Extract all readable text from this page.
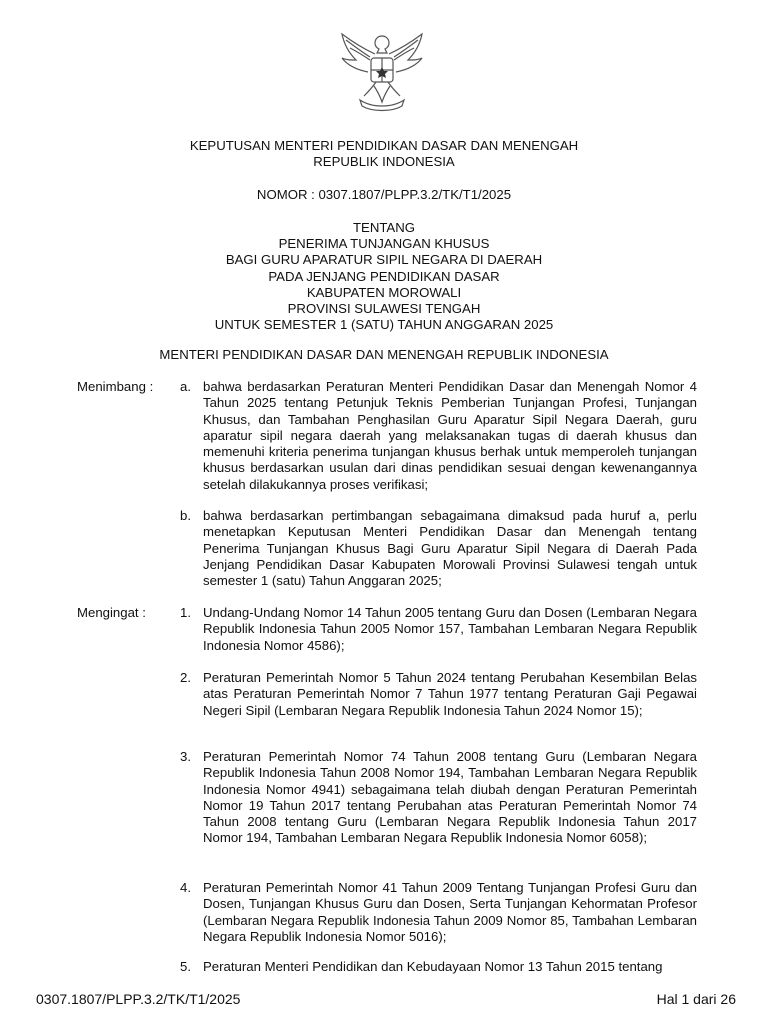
KEPUTUSAN MENTERI PENDIDIKAN DASAR DAN MENENGAH
REPUBLIK INDONESIA
NOMOR : 0307.1807/PLPP.3.2/TK/T1/2025
TENTANG
PENERIMA TUNJANGAN KHUSUS
BAGI GURU APARATUR SIPIL NEGARA DI DAERAH
PADA JENJANG PENDIDIKAN DASAR
KABUPATEN MOROWALI
PROVINSI SULAWESI TENGAH
UNTUK SEMESTER 1 (SATU) TAHUN ANGGARAN 2025
MENTERI PENDIDIKAN DASAR DAN MENENGAH REPUBLIK INDONESIA
Menimbang : a. bahwa berdasarkan Peraturan Menteri Pendidikan Dasar dan Menengah Nomor 4 Tahun 2025 tentang Petunjuk Teknis Pemberian Tunjangan Profesi, Tunjangan Khusus, dan Tambahan Penghasilan Guru Aparatur Sipil Negara Daerah, guru aparatur sipil negara daerah yang melaksanakan tugas di daerah khusus dan memenuhi kriteria penerima tunjangan khusus berhak untuk memperoleh tunjangan khusus berdasarkan usulan dari dinas pendidikan sesuai dengan kewenangannya setelah dilakukannya proses verifikasi;
b. bahwa berdasarkan pertimbangan sebagaimana dimaksud pada huruf a, perlu menetapkan Keputusan Menteri Pendidikan Dasar dan Menengah tentang Penerima Tunjangan Khusus Bagi Guru Aparatur Sipil Negara di Daerah Pada Jenjang Pendidikan Dasar Kabupaten Morowali Provinsi Sulawesi tengah untuk semester 1 (satu) Tahun Anggaran 2025;
Mengingat :	1. Undang-Undang Nomor 14 Tahun 2005 tentang Guru dan Dosen (Lembaran Negara Republik Indonesia Tahun 2005 Nomor 157, Tambahan Lembaran Negara Republik Indonesia Nomor 4586);
2. Peraturan Pemerintah Nomor 5 Tahun 2024 tentang Perubahan Kesembilan Belas atas Peraturan Pemerintah Nomor 7 Tahun 1977 tentang Peraturan Gaji Pegawai Negeri Sipil (Lembaran Negara Republik Indonesia Tahun 2024 Nomor 15);
3. Peraturan Pemerintah Nomor 74 Tahun 2008 tentang Guru (Lembaran Negara Republik Indonesia Tahun 2008 Nomor 194, Tambahan Lembaran Negara Republik Indonesia Nomor 4941) sebagaimana telah diubah dengan Peraturan Pemerintah Nomor 19 Tahun 2017 tentang Perubahan atas Peraturan Pemerintah Nomor 74 Tahun 2008 tentang Guru (Lembaran Negara Republik Indonesia Tahun 2017 Nomor 194, Tambahan Lembaran Negara Republik Indonesia Nomor 6058);
4. Peraturan Pemerintah Nomor 41 Tahun 2009 Tentang Tunjangan Profesi Guru dan Dosen, Tunjangan Khusus Guru dan Dosen, Serta Tunjangan Kehormatan Profesor (Lembaran Negara Republik Indonesia Tahun 2009 Nomor 85, Tambahan Lembaran Negara Republik Indonesia Nomor 5016);
5. Peraturan Menteri Pendidikan dan Kebudayaan Nomor 13 Tahun 2015 tentang
0307.1807/PLPP.3.2/TK/T1/2025	Hal 1 dari 26
